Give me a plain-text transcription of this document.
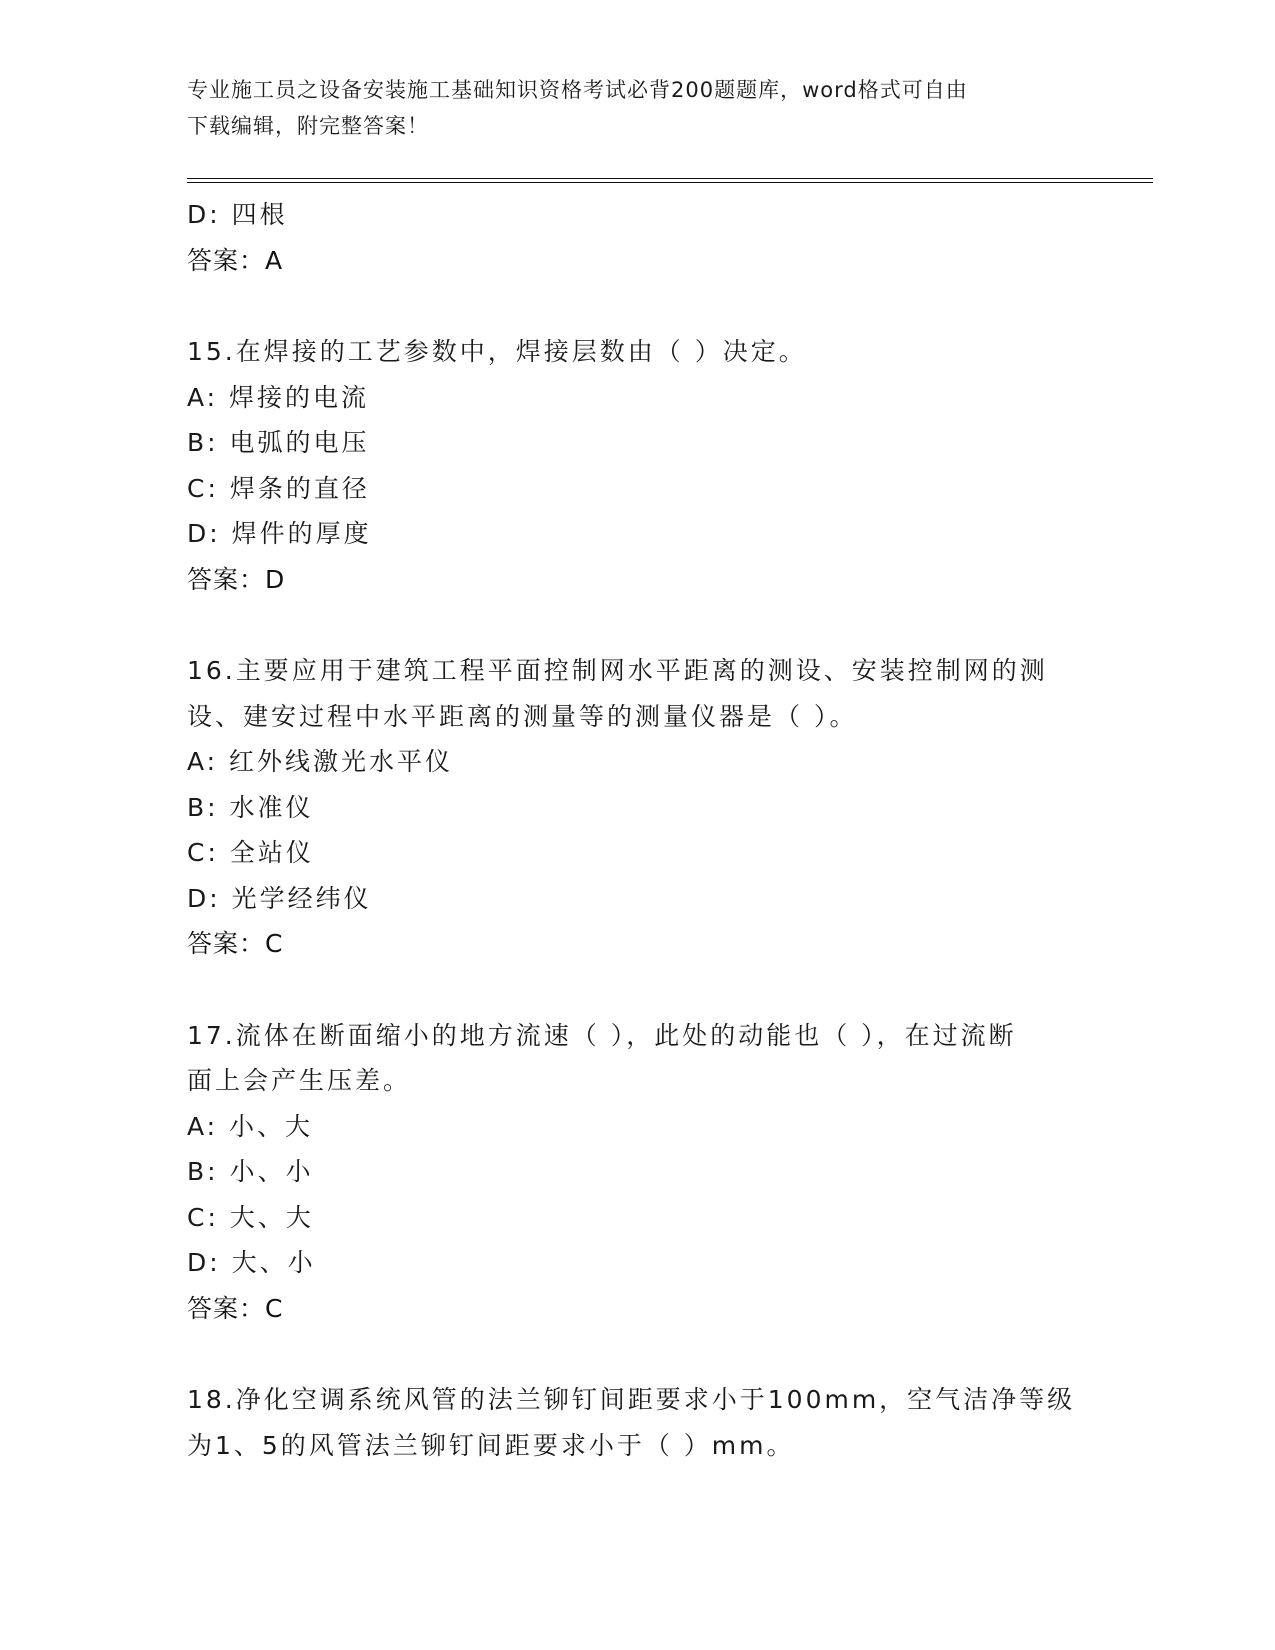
专业施工员之设备安装施工基础知识资格考试必背200题题库，word格式可自由
下载编辑，附完整答案！
D: 四根
答案：A
15.在焊接的工艺参数中，焊接层数由（ ）决定。
A: 焊接的电流
B: 电弧的电压
C: 焊条的直径
D: 焊件的厚度
答案：D
16.主要应用于建筑工程平面控制网水平距离的测设、安装控制网的测
设、建安过程中水平距离的测量等的测量仪器是（ ）。
A: 红外线激光水平仪
B: 水准仪
C: 全站仪
D: 光学经纬仪
答案：C
17.流体在断面缩小的地方流速（ ），此处的动能也（ ），在过流断
面上会产生压差。
A: 小、大
B: 小、小
C: 大、大
D: 大、小
答案：C
18.净化空调系统风管的法兰铆钉间距要求小于100mm，空气洁净等级
为1、5的风管法兰铆钉间距要求小于（ ）mm。
